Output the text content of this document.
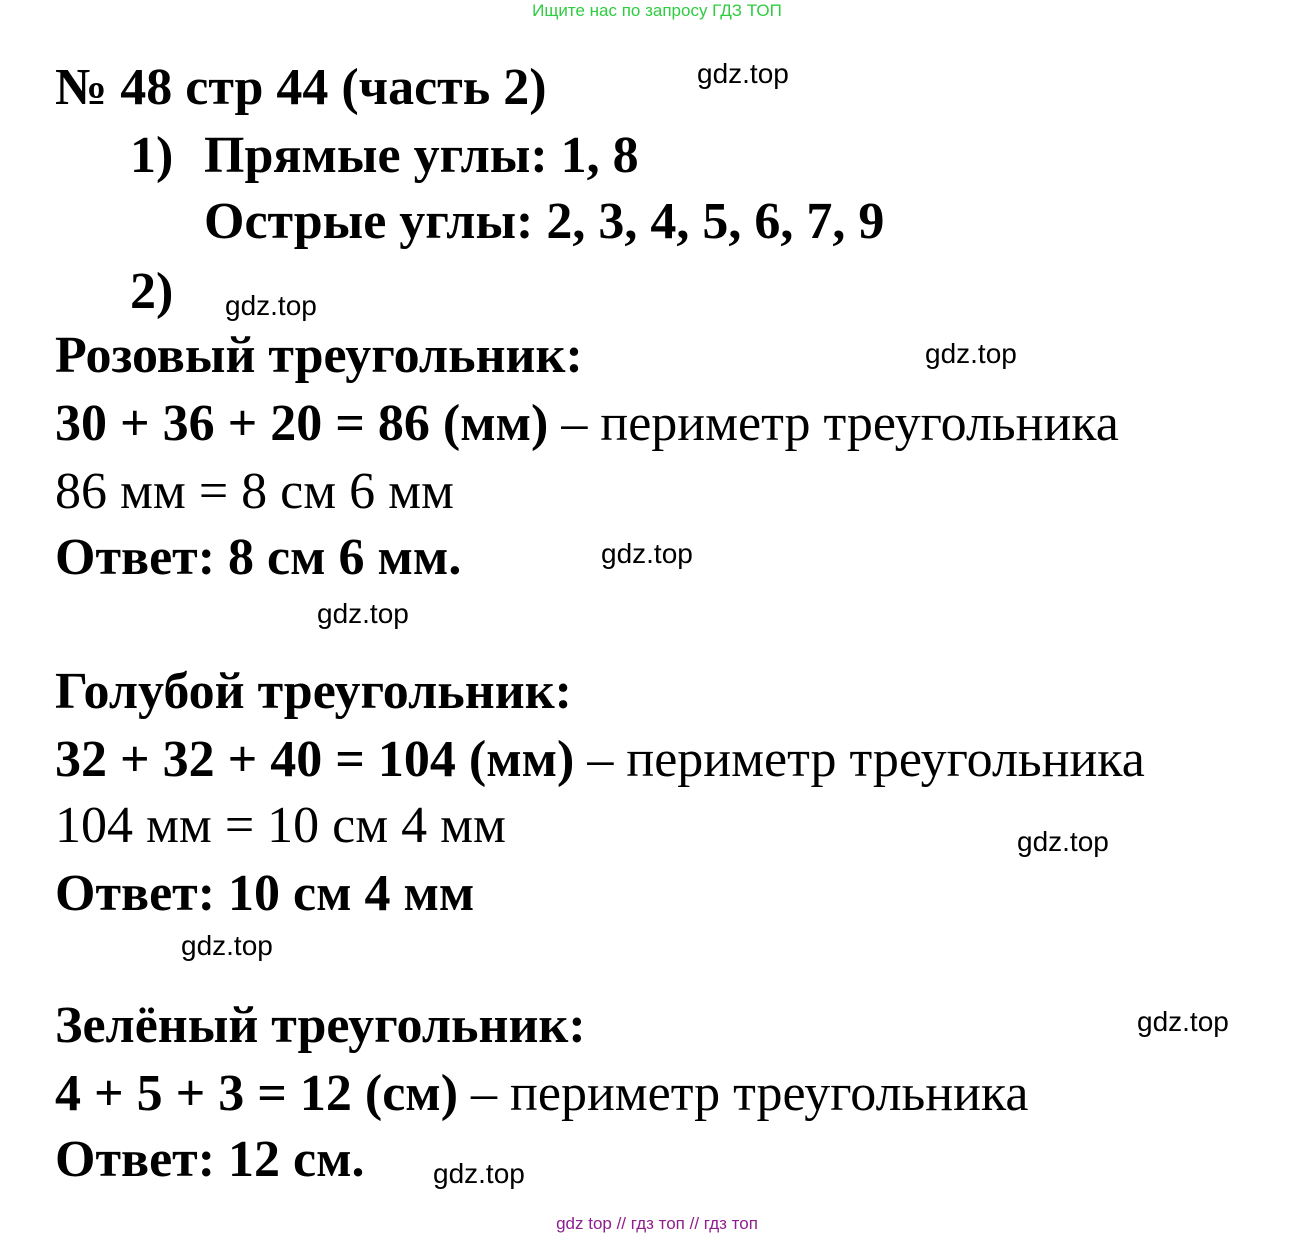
Ищите нас по запросу ГДЗ ТОП
№ 48 стр 44 (часть 2)	gdz.top
1) Прямые углы: 1, 8
Острые углы: 2, 3, 4, 5, 6, 7, 9
2) gdz.top
Розовый треугольник:	gdz.top
30 + 36 + 20 = 86 (мм) – периметр треугольника
86 мм = 8 см 6 мм
Ответ: 8 см 6 мм.	gdz.top
gdz.top
Голубой треугольник:
32 + 32 + 40 = 104 (мм) – периметр треугольника
104 мм = 10 см 4 мм	gdz.top
Ответ: 10 см 4 мм
gdz.top
Зелёный треугольник:	gdz.top
4 + 5 + 3 = 12 (см) – периметр треугольника
Ответ: 12 см. gdz.top
gdz top // гдз топ // гдз топ
